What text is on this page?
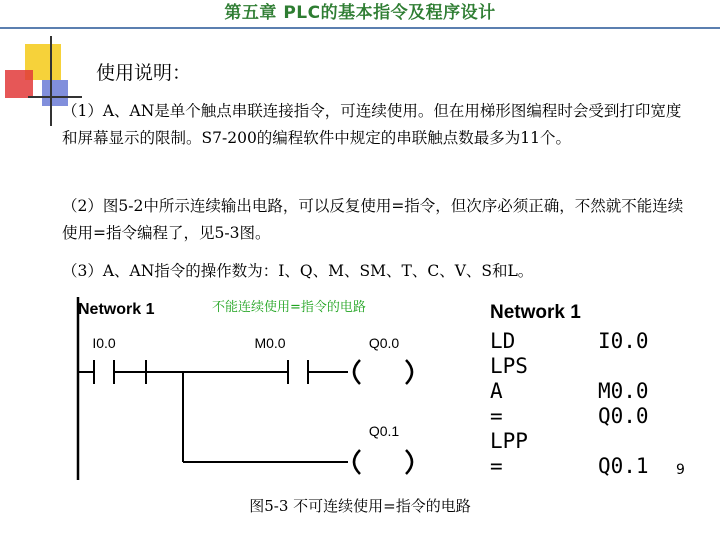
第五章 PLC的基本指令及程序设计
使用说明：
（1）A、AN是单个触点串联连接指令，可连续使用。但在用梯形图编程时会受到打印宽度和屏幕显示的限制。S7-200的编程软件中规定的串联触点数最多为11个。
（2）图5-2中所示连续输出电路，可以反复使用=指令，但次序必须正确，不然就不能连续使用=指令编程了，见5-3图。
（3）A、AN指令的操作数为：I、Q、M、SM、T、C、V、S和L。
Network 1	不能连续使用=指令的电路
I0.0	M0.0	Q0.0
Q0.1
Network 1
LD	I0.0
LPS
A	M0.0
=	Q0.0
LPP
=	Q0.1 9
图5-3 不可连续使用=指令的电路
